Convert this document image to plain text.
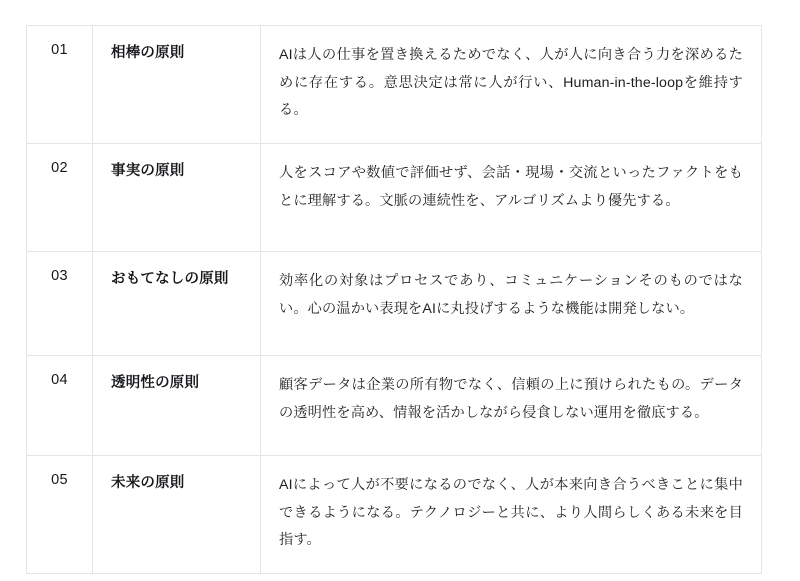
01	相棒の原則	AIは人の仕事を置き換えるためでなく、人が人に向き合う力を深めるために存在する。意思決定は常に人が行い、Human-in-the-loopを維持する。
02	事実の原則	人をスコアや数値で評価せず、会話・現場・交流といったファクトをもとに理解する。文脈の連続性を、アルゴリズムより優先する。
03	おもてなしの原則	効率化の対象はプロセスであり、コミュニケーションそのものではない。心の温かい表現をAIに丸投げするような機能は開発しない。
04	透明性の原則	顧客データは企業の所有物でなく、信頼の上に預けられたもの。データの透明性を高め、情報を活かしながら侵食しない運用を徹底する。
05	未来の原則	AIによって人が不要になるのでなく、人が本来向き合うべきことに集中できるようになる。テクノロジーと共に、より人間らしくある未来を目指す。
